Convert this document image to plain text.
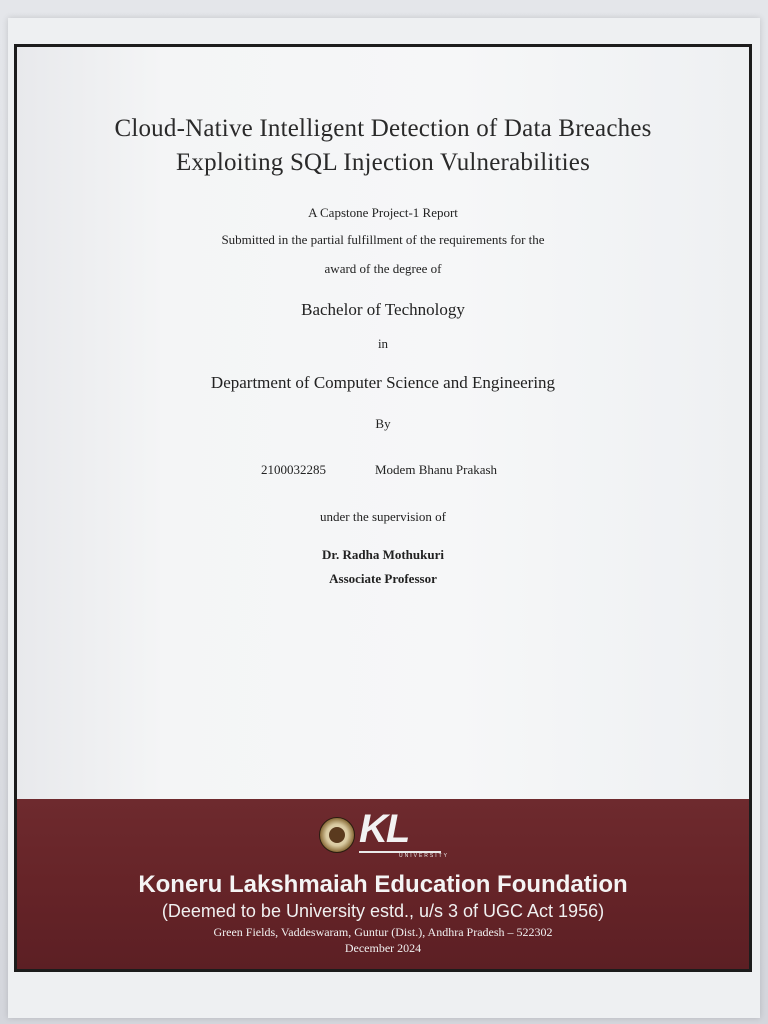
Cloud-Native Intelligent Detection of Data Breaches
Exploiting SQL Injection Vulnerabilities
A Capstone Project-1 Report
Submitted in the partial fulfillment of the requirements for the
award of the degree of
Bachelor of Technology
in
Department of Computer Science and Engineering
By
2100032285	Modem Bhanu Prakash
under the supervision of
Dr. Radha Mothukuri
Associate Professor
KL
UNIVERSITY
Koneru Lakshmaiah Education Foundation
(Deemed to be University estd., u/s 3 of UGC Act 1956)
Green Fields, Vaddeswaram, Guntur (Dist.), Andhra Pradesh – 522302
December 2024
